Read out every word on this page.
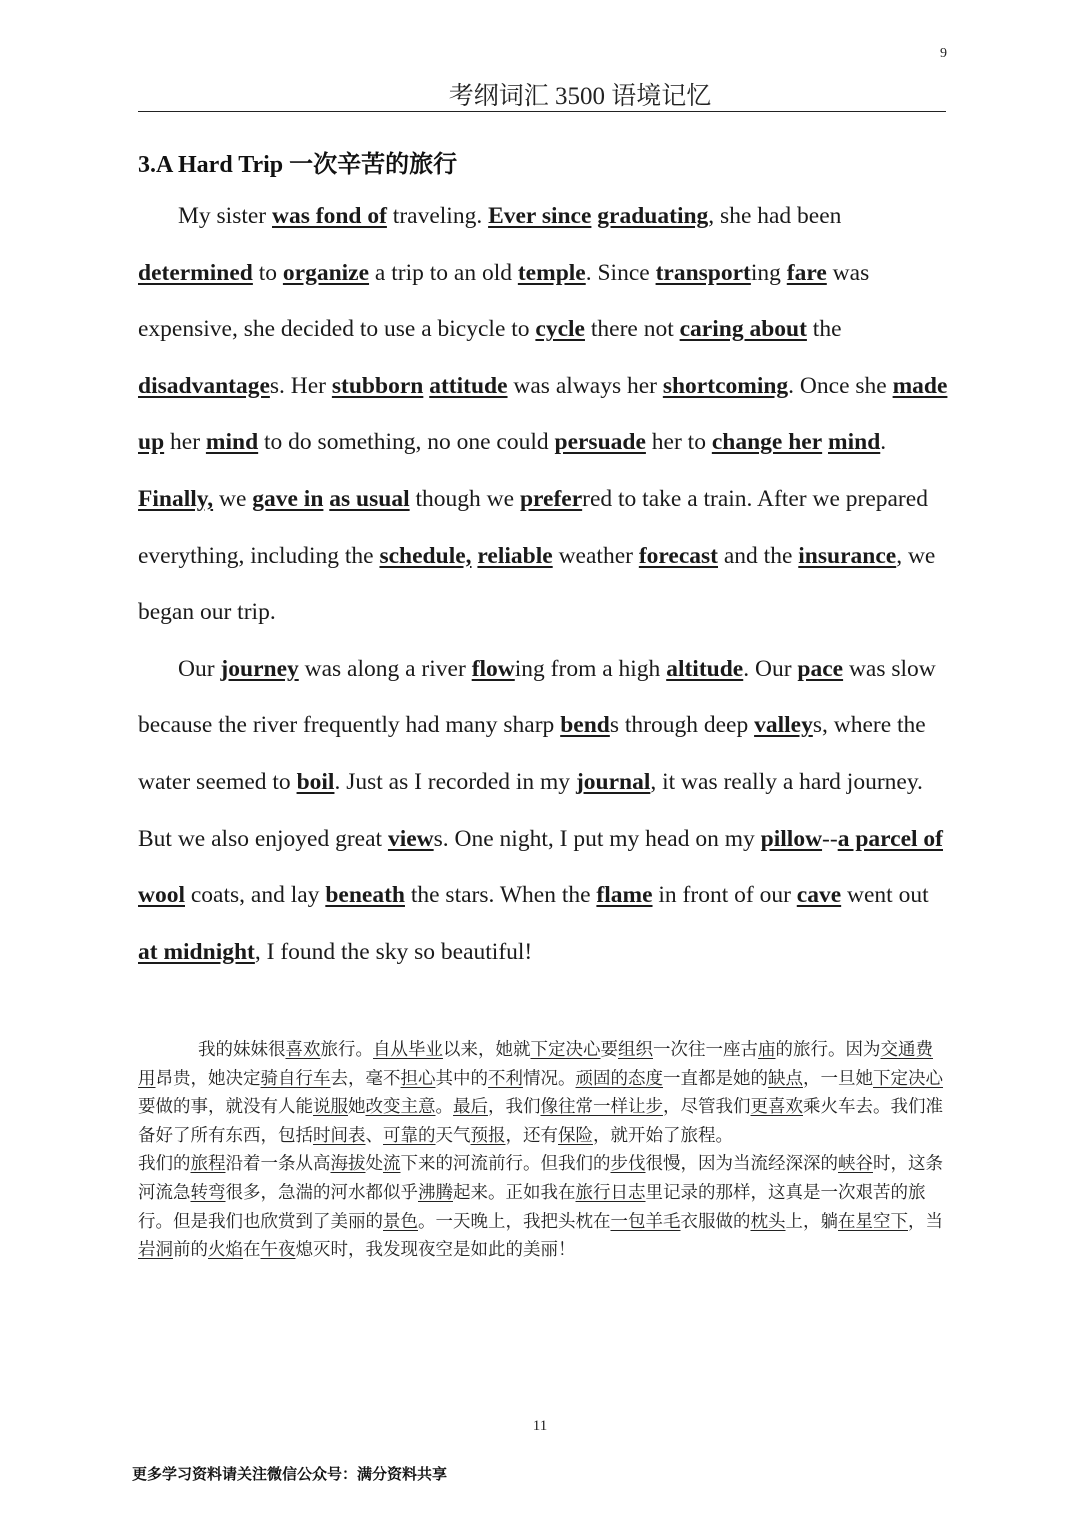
9
考纲词汇 3500 语境记忆
3.A Hard Trip 一次辛苦的旅行

My sister was fond of traveling. Ever since graduating, she had been determined to organize a trip to an old temple. Since transporting fare was expensive, she decided to use a bicycle to cycle there not caring about the disadvantages. Her stubborn attitude was always her shortcoming. Once she made up her mind to do something, no one could persuade her to change her mind. Finally, we gave in as usual though we preferred to take a train. After we prepared everything, including the schedule, reliable weather forecast and the insurance, we began our trip.

Our journey was along a river flowing from a high altitude. Our pace was slow because the river frequently had many sharp bends through deep valleys, where the water seemed to boil. Just as I recorded in my journal, it was really a hard journey. But we also enjoyed great views. One night, I put my head on my pillow--a parcel of wool coats, and lay beneath the stars. When the flame in front of our cave went out at midnight, I found the sky so beautiful!

我的妹妹很喜欢旅行。自从毕业以来，她就下定决心要组织一次往一座古庙的旅行。因为交通费用昂贵，她决定骑自行车去，毫不担心其中的不利情况。顽固的态度一直都是她的缺点，一旦她下定决心要做的事，就没有人能说服她改变主意。最后，我们像往常一样让步，尽管我们更喜欢乘火车去。我们准备好了所有东西，包括时间表、可靠的天气预报，还有保险，就开始了旅程。

我们的旅程沿着一条从高海拔处流下来的河流前行。但我们的步伐很慢，因为当流经深深的峡谷时，这条河流急转弯很多，急湍的河水都似乎沸腾起来。正如我在旅行日志里记录的那样，这真是一次艰苦的旅行。但是我们也欣赏到了美丽的景色。一天晚上，我把头枕在一包羊毛衣服做的枕头上，躺在星空下，当岩洞前的火焰在午夜熄灭时，我发现夜空是如此的美丽！

11
更多学习资料请关注微信公众号：满分资料共享
